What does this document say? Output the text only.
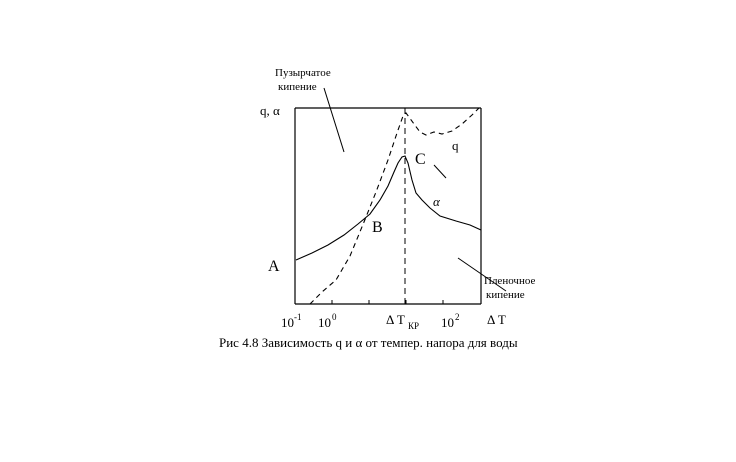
Пузырчатое
кипение
q, α
q
C
α
B
A
Пленочное
кипение
10 -1 10 0	Δ T КР 10 2 Δ T
Рис 4.8 Зависимость q и α от темпер. напора для воды
